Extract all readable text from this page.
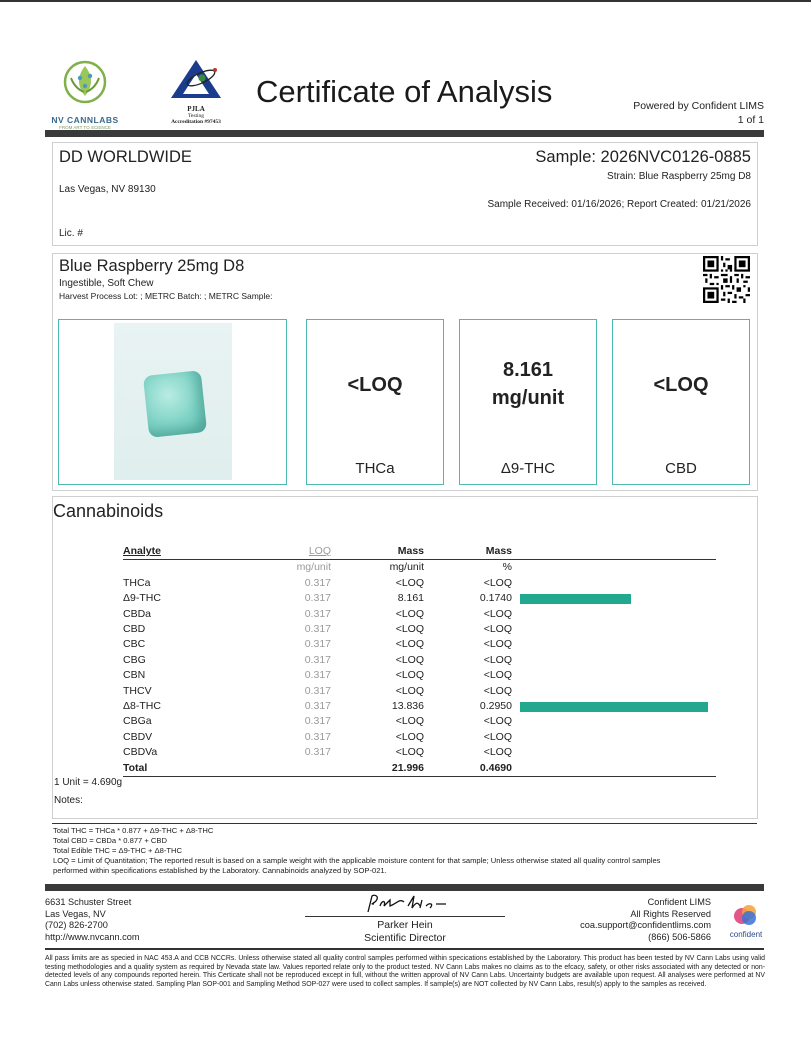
NV CANNLABS
FROM ART TO SCIENCE
PJLA
Testing
Accreditation #97453
Certificate of Analysis	Powered by Confident LIMS
1 of 1
DD WORLDWIDE
Las Vegas, NV 89130
Lic. #
Sample: 2026NVC0126-0885
Strain: Blue Raspberry 25mg D8
Sample Received: 01/16/2026; Report Created: 01/21/2026
Blue Raspberry 25mg D8
Ingestible, Soft Chew
Harvest Process Lot: ; METRC Batch: ; METRC Sample:
<LOQ
THCa
8.161
mg/unit
Δ9-THC
<LOQ
CBD
Cannabinoids
Analyte	LOQ	Mass	Mass	
	mg/unit	mg/unit	%	
THCa	0.317	<LOQ	<LOQ	
Δ9-THC	0.317	8.161	0.1740	

CBDa	0.317	<LOQ	<LOQ	
CBD	0.317	<LOQ	<LOQ	
CBC	0.317	<LOQ	<LOQ	
CBG	0.317	<LOQ	<LOQ	
CBN	0.317	<LOQ	<LOQ	
THCV	0.317	<LOQ	<LOQ	
Δ8-THC	0.317	13.836	0.2950	

CBGa	0.317	<LOQ	<LOQ	
CBDV	0.317	<LOQ	<LOQ	
CBDVa	0.317	<LOQ	<LOQ	
Total		21.996	0.4690	
1 Unit = 4.690g
Notes:
Total THC = THCa * 0.877 + Δ9-THC + Δ8-THC
Total CBD = CBDa * 0.877 + CBD
Total Edible THC = Δ9-THC + Δ8-THC
LOQ = Limit of Quantitation; The reported result is based on a sample weight with the applicable moisture content for that sample; Unless otherwise stated all quality control samples
performed within specifications established by the Laboratory. Cannabinoids analyzed by SOP-021.
6631 Schuster Street
Las Vegas, NV
(702) 826-2700
http://www.nvcann.com
Parker Hein
Scientific Director
Confident LIMS
All Rights Reserved
coa.support@confidentlims.com
(866) 506-5866	confident
All pass limits are as specied in NAC 453.A and CCB NCCRs. Unless otherwise stated all quality control samples performed within specications established by the Laboratory. This product has been tested by NV Cann Labs using valid testing methodologies and a quality system as required by Nevada state law. Values reported relate only to the product tested. NV Cann Labs makes no claims as to the efcacy, safety, or other risks associated with any detected or non-detected levels of any compounds reported herein. This Certicate shall not be reproduced except in full, without the written approval of NV Cann Labs. Uncertainty budgets are available upon request. All analyses were performed at NV Cann Labs unless otherwise stated. Sampling Plan SOP-001 and Sampling Method SOP-027 were used to collect samples. If sample(s) are NOT collected by NV Cann Labs, result(s) apply to the samples as received.
